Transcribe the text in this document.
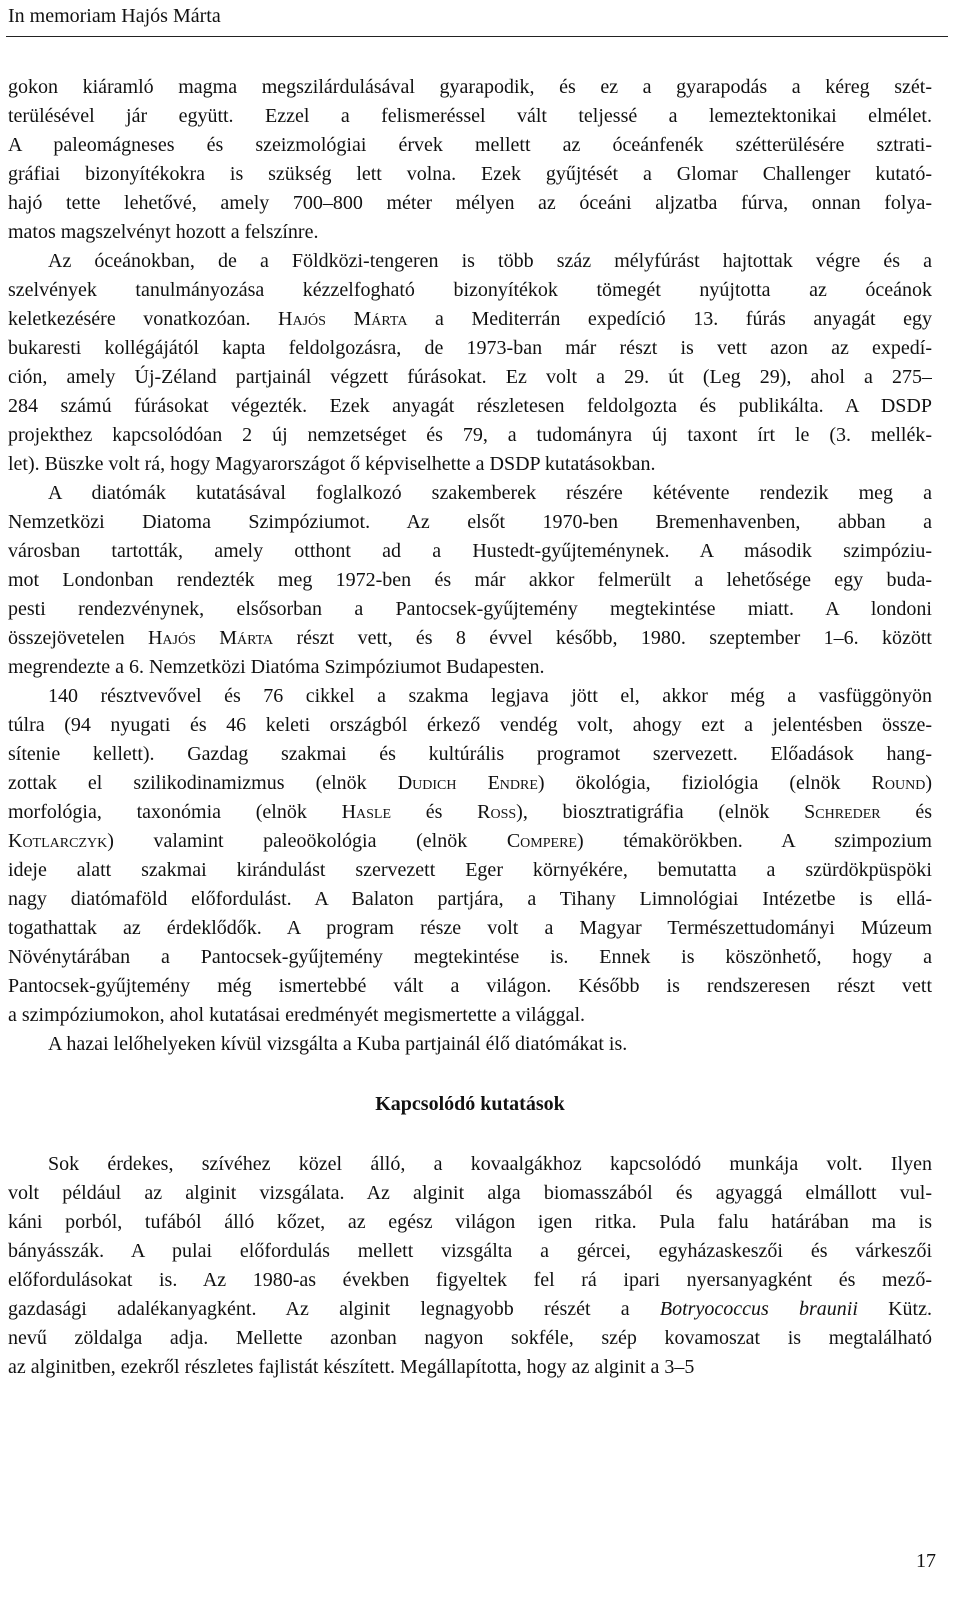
In memoriam Hajós Márta

gokon kiáramló magma megszilárdulásával gyarapodik, és ez a gyarapodás a kéreg szét-
terülésével jár együtt. Ezzel a felismeréssel vált teljessé a lemeztektonikai elmélet.
A paleomágneses és szeizmológiai érvek mellett az óceánfenék szétterülésére sztrati-
gráfiai bizonyítékokra is szükség lett volna. Ezek gyűjtését a Glomar Challenger kutató-
hajó tette lehetővé, amely 700–800 méter mélyen az óceáni aljzatba fúrva, onnan folya-
matos magszelvényt hozott a felszínre.

Az óceánokban, de a Földközi-tengeren is több száz mélyfúrást hajtottak végre és a
szelvények tanulmányozása kézzelfogható bizonyítékok tömegét nyújtotta az óceánok
keletkezésére vonatkozóan. Hajós Márta a Mediterrán expedíció 13. fúrás anyagát egy
bukaresti kollégájától kapta feldolgozásra, de 1973-ban már részt is vett azon az expedí-
ción, amely Új-Zéland partjainál végzett fúrásokat. Ez volt a 29. út (Leg 29), ahol a 275–
284 számú fúrásokat végezték. Ezek anyagát részletesen feldolgozta és publikálta. A DSDP
projekthez kapcsolódóan 2 új nemzetséget és 79, a tudományra új taxont írt le (3. mellék-
let). Büszke volt rá, hogy Magyarországot ő képviselhette a DSDP kutatásokban.

A diatómák kutatásával foglalkozó szakemberek részére kétévente rendezik meg a
Nemzetközi Diatoma Szimpóziumot. Az elsőt 1970-ben Bremenhavenben, abban a
városban tartották, amely otthont ad a Hustedt-gyűjteménynek. A második szimpóziu-
mot Londonban rendezték meg 1972-ben és már akkor felmerült a lehetősége egy buda-
pesti rendezvénynek, elsősorban a Pantocsek-gyűjtemény megtekintése miatt. A londoni
összejövetelen Hajós Márta részt vett, és 8 évvel később, 1980. szeptember 1–6. között
megrendezte a 6. Nemzetközi Diatóma Szimpóziumot Budapesten.

140 résztvevővel és 76 cikkel a szakma legjava jött el, akkor még a vasfüggönyön
túlra (94 nyugati és 46 keleti országból érkező vendég volt, ahogy ezt a jelentésben össze-
sítenie kellett). Gazdag szakmai és kultúrális programot szervezett. Előadások hang-
zottak el szilikodinamizmus (elnök Dudich Endre) ökológia, fiziológia (elnök Round)
morfológia, taxonómia (elnök Hasle és Ross), biosztratigráfia (elnök Schreder és
Kotlarczyk) valamint paleoökológia (elnök Compere) témakörökben. A szimpozium
ideje alatt szakmai kirándulást szervezett Eger környékére, bemutatta a szürdökpüspöki
nagy diatómaföld előfordulást. A Balaton partjára, a Tihany Limnológiai Intézetbe is ellá-
togathattak az érdeklődők. A program része volt a Magyar Természettudományi Múzeum
Növénytárában a Pantocsek-gyűjtemény megtekintése is. Ennek is köszönhető, hogy a
Pantocsek-gyűjtemény még ismertebbé vált a világon. Később is rendszeresen részt vett
a szimpóziumokon, ahol kutatásai eredményét megismertette a világgal.

A hazai lelőhelyeken kívül vizsgálta a Kuba partjainál élő diatómákat is.

Kapcsolódó kutatások
Sok érdekes, szívéhez közel álló, a kovaalgákhoz kapcsolódó munkája volt. Ilyen
volt például az alginit vizsgálata. Az alginit alga biomasszából és agyaggá elmállott vul-
káni porból, tufából álló kőzet, az egész világon igen ritka. Pula falu határában ma is
bányásszák. A pulai előfordulás mellett vizsgálta a gércei, egyházaskeszői és várkeszői
előfordulásokat is. Az 1980-as években figyeltek fel rá ipari nyersanyagként és mező-
gazdasági adalékanyagként. Az alginit legnagyobb részét a Botryococcus braunii Kütz.
nevű zöldalga adja. Mellette azonban nagyon sokféle, szép kovamoszat is megtalálható
az alginitben, ezekről részletes fajlistát készített. Megállapította, hogy az alginit a 3–5
17
